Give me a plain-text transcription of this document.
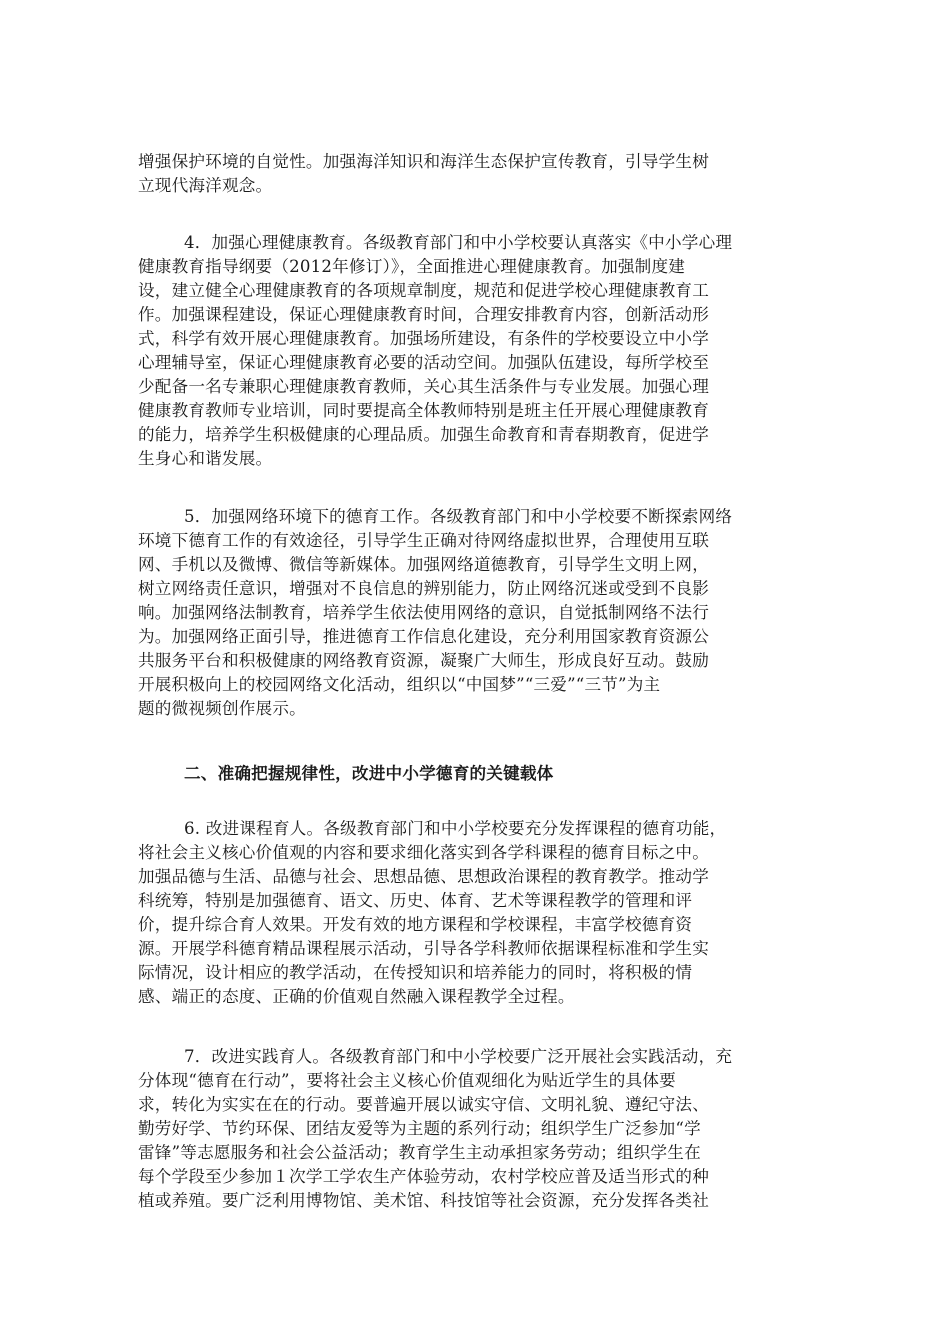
增强保护环境的自觉性。加强海洋知识和海洋生态保护宣传教育，引导学生树
立现代海洋观念。
4．加强心理健康教育。各级教育部门和中小学校要认真落实《中小学心理
健康教育指导纲要（2012年修订）》，全面推进心理健康教育。加强制度建
设，建立健全心理健康教育的各项规章制度，规范和促进学校心理健康教育工
作。加强课程建设，保证心理健康教育时间，合理安排教育内容，创新活动形
式，科学有效开展心理健康教育。加强场所建设，有条件的学校要设立中小学
心理辅导室，保证心理健康教育必要的活动空间。加强队伍建设，每所学校至
少配备一名专兼职心理健康教育教师，关心其生活条件与专业发展。加强心理
健康教育教师专业培训，同时要提高全体教师特别是班主任开展心理健康教育
的能力，培养学生积极健康的心理品质。加强生命教育和青春期教育，促进学
生身心和谐发展。
5．加强网络环境下的德育工作。各级教育部门和中小学校要不断探索网络
环境下德育工作的有效途径，引导学生正确对待网络虚拟世界，合理使用互联
网、手机以及微博、微信等新媒体。加强网络道德教育，引导学生文明上网，
树立网络责任意识，增强对不良信息的辨别能力，防止网络沉迷或受到不良影
响。加强网络法制教育，培养学生依法使用网络的意识，自觉抵制网络不法行
为。加强网络正面引导，推进德育工作信息化建设，充分利用国家教育资源公
共服务平台和积极健康的网络教育资源，凝聚广大师生，形成良好互动。鼓励
开展积极向上的校园网络文化活动，组织以“中国梦”“三爱”“三节”为主
题的微视频创作展示。
二、准确把握规律性，改进中小学德育的关键载体
6. 改进课程育人。各级教育部门和中小学校要充分发挥课程的德育功能，
将社会主义核心价值观的内容和要求细化落实到各学科课程的德育目标之中。
加强品德与生活、品德与社会、思想品德、思想政治课程的教育教学。推动学
科统筹，特别是加强德育、语文、历史、体育、艺术等课程教学的管理和评
价，提升综合育人效果。开发有效的地方课程和学校课程，丰富学校德育资
源。开展学科德育精品课程展示活动，引导各学科教师依据课程标准和学生实
际情况，设计相应的教学活动，在传授知识和培养能力的同时，将积极的情
感、端正的态度、正确的价值观自然融入课程教学全过程。
7．改进实践育人。各级教育部门和中小学校要广泛开展社会实践活动，充
分体现“德育在行动”，要将社会主义核心价值观细化为贴近学生的具体要
求，转化为实实在在的行动。要普遍开展以诚实守信、文明礼貌、遵纪守法、
勤劳好学、节约环保、团结友爱等为主题的系列行动；组织学生广泛参加“学
雷锋”等志愿服务和社会公益活动；教育学生主动承担家务劳动；组织学生在
每个学段至少参加１次学工学农生产体验劳动，农村学校应普及适当形式的种
植或养殖。要广泛利用博物馆、美术馆、科技馆等社会资源，充分发挥各类社
